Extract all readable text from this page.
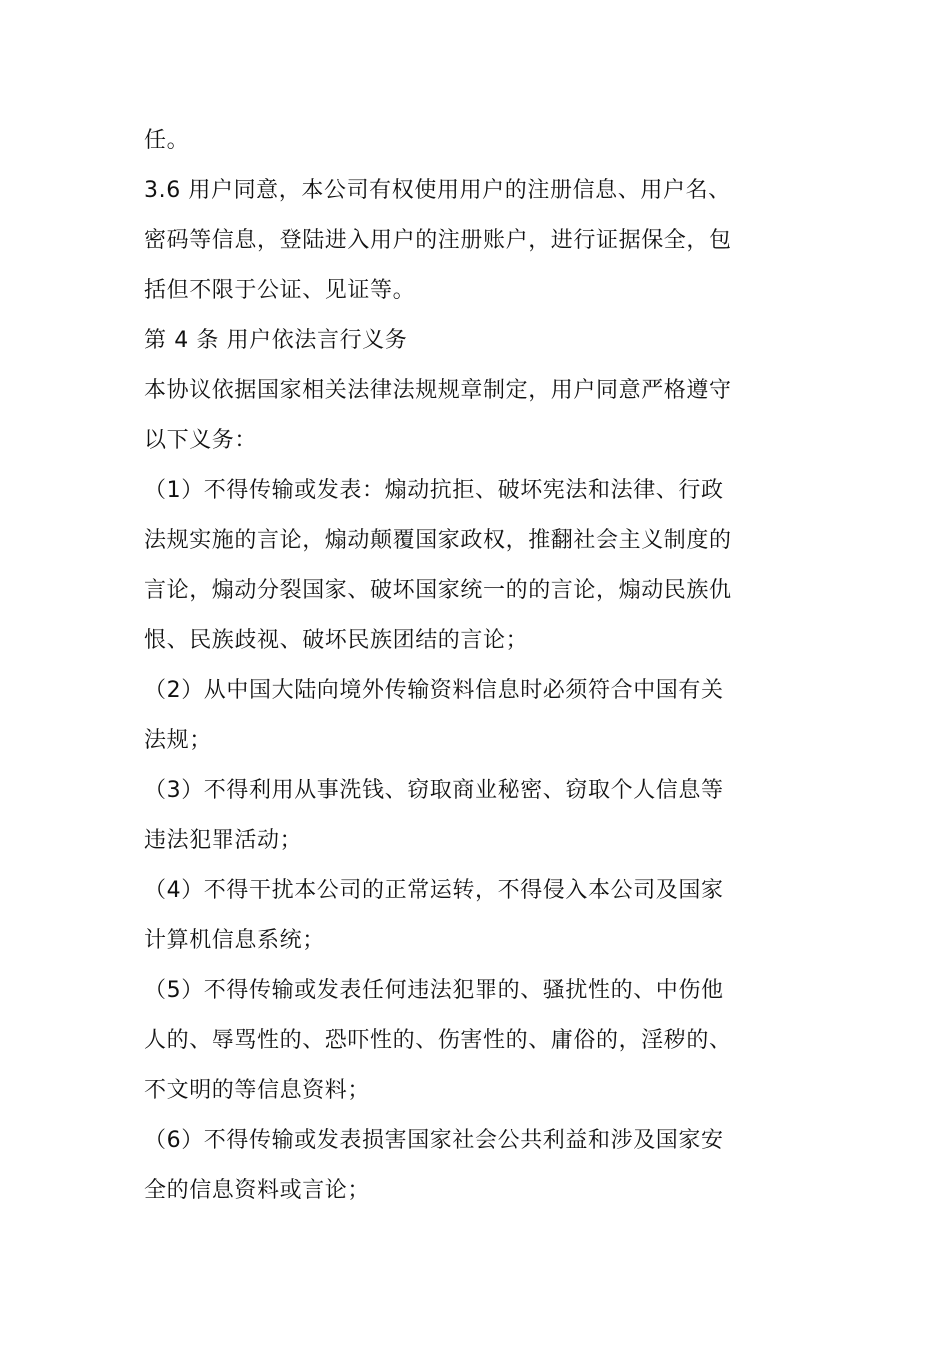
任。
3.6 用户同意，本公司有权使用用户的注册信息、用户名、
密码等信息，登陆进入用户的注册账户，进行证据保全，包
括但不限于公证、见证等。
第 4 条 用户依法言行义务
本协议依据国家相关法律法规规章制定，用户同意严格遵守
以下义务：
（1）不得传输或发表：煽动抗拒、破坏宪法和法律、行政
法规实施的言论，煽动颠覆国家政权，推翻社会主义制度的
言论，煽动分裂国家、破坏国家统一的的言论，煽动民族仇
恨、民族歧视、破坏民族团结的言论；
（2）从中国大陆向境外传输资料信息时必须符合中国有关
法规；
（3）不得利用从事洗钱、窃取商业秘密、窃取个人信息等
违法犯罪活动；
（4）不得干扰本公司的正常运转，不得侵入本公司及国家
计算机信息系统；
（5）不得传输或发表任何违法犯罪的、骚扰性的、中伤他
人的、辱骂性的、恐吓性的、伤害性的、庸俗的，淫秽的、
不文明的等信息资料；
（6）不得传输或发表损害国家社会公共利益和涉及国家安
全的信息资料或言论；
